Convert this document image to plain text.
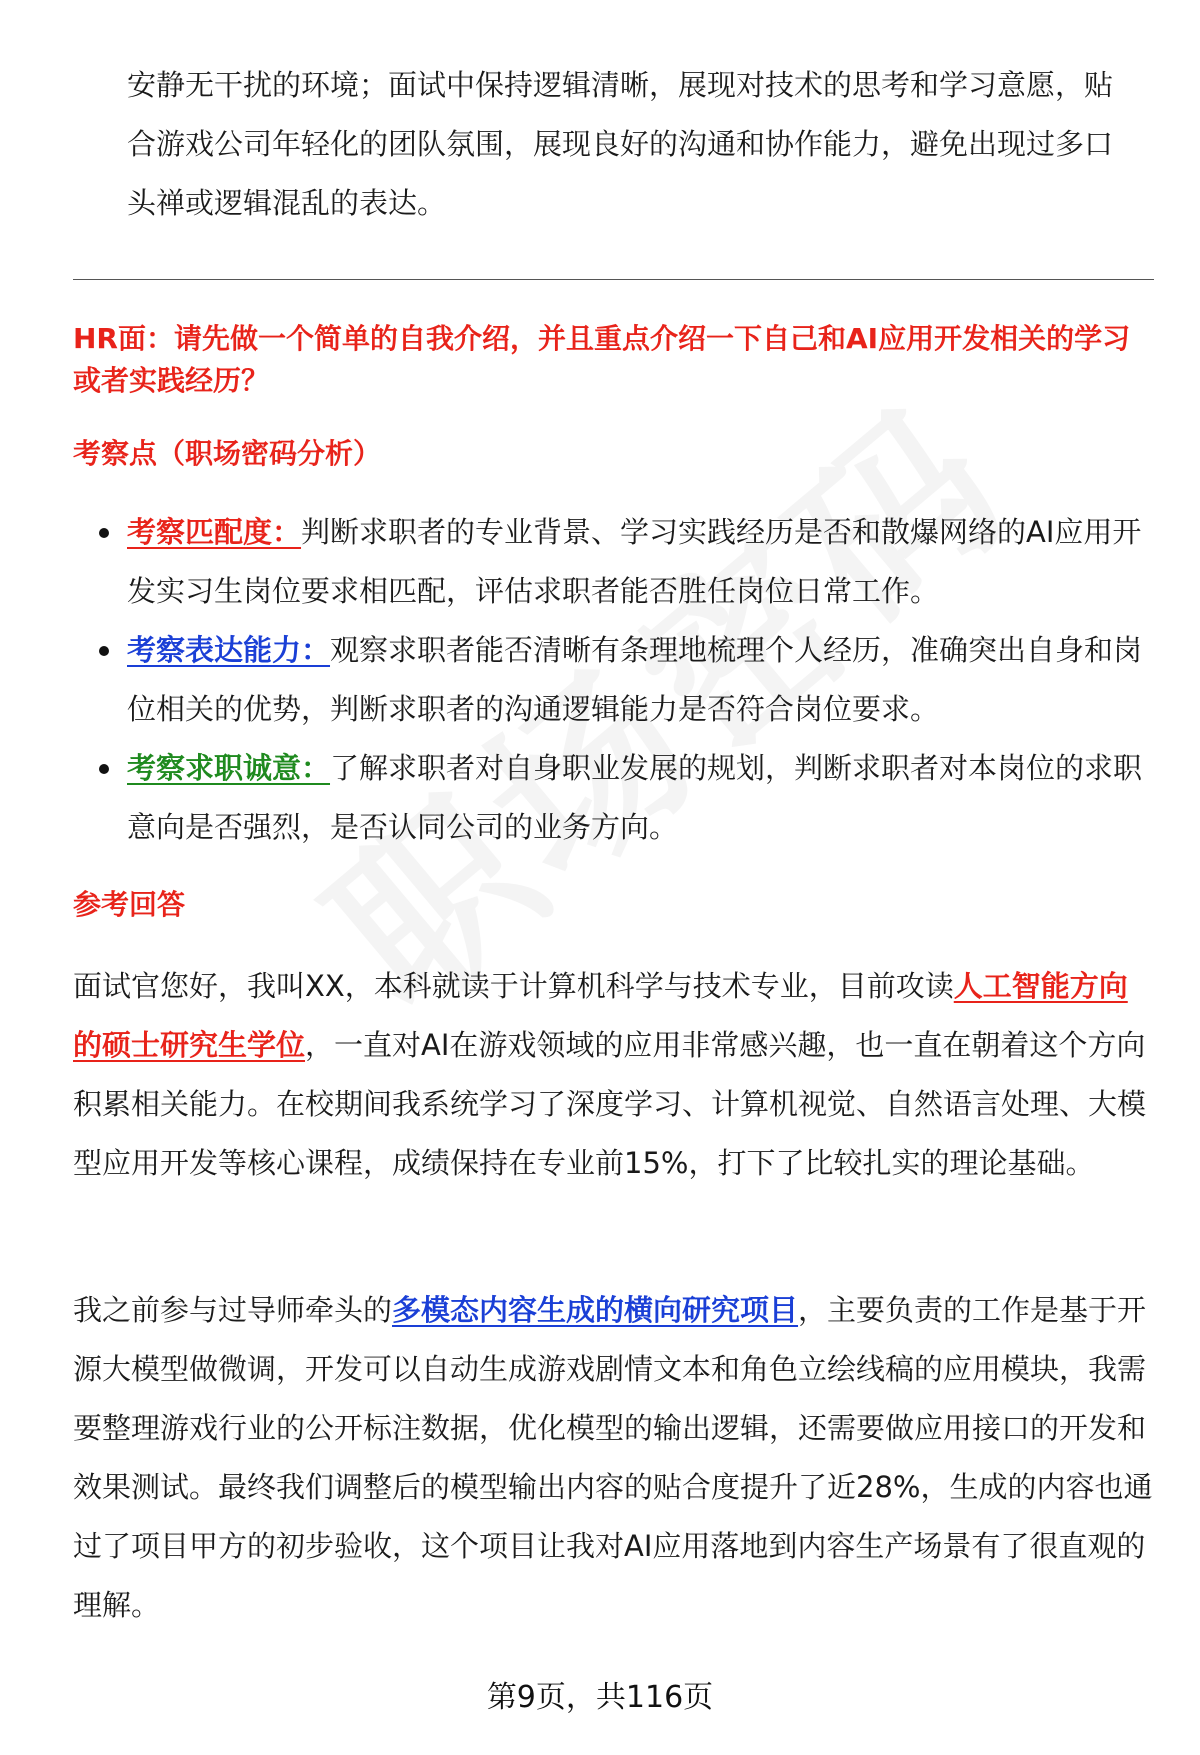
安静无干扰的环境；面试中保持逻辑清晰，展现对技术的思考和学习意愿，贴

合游戏公司年轻化的团队氛围，展现良好的沟通和协作能力，避免出现过多口

头禅或逻辑混乱的表达。

HR面：请先做一个简单的自我介绍，并且重点介绍一下自己和AI应用开发相关的学习或者实践经历？

考察点（职场密码分析）

考察匹配度：判断求职者的专业背景、学习实践经历是否和散爆网络的AI应用开发实习生岗位要求相匹配，评估求职者能否胜任岗位日常工作。
考察表达能力：观察求职者能否清晰有条理地梳理个人经历，准确突出自身和岗位相关的优势，判断求职者的沟通逻辑能力是否符合岗位要求。
考察求职诚意：了解求职者对自身职业发展的规划，判断求职者对本岗位的求职意向是否强烈，是否认同公司的业务方向。

参考回答

面试官您好，我叫XX，本科就读于计算机科学与技术专业，目前攻读人工智能方向的硕士研究生学位，一直对AI在游戏领域的应用非常感兴趣，也一直在朝着这个方向积累相关能力。在校期间我系统学习了深度学习、计算机视觉、自然语言处理、大模型应用开发等核心课程，成绩保持在专业前15%，打下了比较扎实的理论基础。

我之前参与过导师牵头的多模态内容生成的横向研究项目，主要负责的工作是基于开源大模型做微调，开发可以自动生成游戏剧情文本和角色立绘线稿的应用模块，我需要整理游戏行业的公开标注数据，优化模型的输出逻辑，还需要做应用接口的开发和效果测试。最终我们调整后的模型输出内容的贴合度提升了近28%，生成的内容也通过了项目甲方的初步验收，这个项目让我对AI应用落地到内容生产场景有了很直观的理解。

第9页，共116页
